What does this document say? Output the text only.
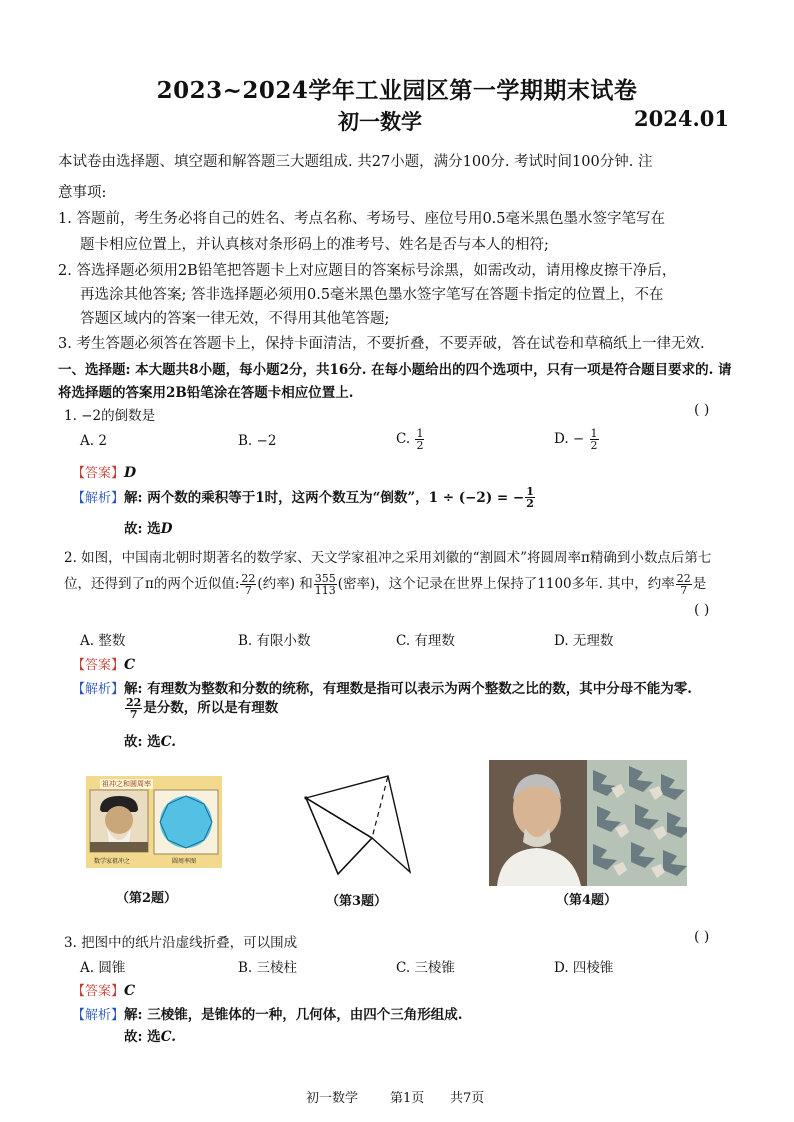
2023~2024学年工业园区第一学期期末试卷
初一数学	2024.01
本试卷由选择题、填空题和解答题三大题组成. 共27小题，满分100分. 考试时间100分钟. 注
意事项:
1. 答题前，考生务必将自己的姓名、考点名称、考场号、座位号用0.5毫米黑色墨水签字笔写在
题卡相应位置上，并认真核对条形码上的准考号、姓名是否与本人的相符;
2. 答选择题必须用2B铅笔把答题卡上对应题目的答案标号涂黑，如需改动，请用橡皮擦干净后，
再选涂其他答案; 答非选择题必须用0.5毫米黑色墨水签字笔写在答题卡指定的位置上，不在
答题区域内的答案一律无效，不得用其他笔答题;
3. 考生答题必须答在答题卡上，保持卡面清洁，不要折叠，不要弄破，答在试卷和草稿纸上一律无效.
一、选择题: 本大题共8小题，每小题2分，共16分. 在每小题给出的四个选项中，只有一项是符合题目要求的. 请
将选择题的答案用2B铅笔涂在答题卡相应位置上.
1. −2的倒数是	( )
A. 2	B. −2	C. $\frac{1}{2}$	D. − $\frac{1}{2}$
【答案】D
【解析】解: 两个数的乘积等于1时，这两个数互为“倒数”，1 ÷ (−2) = − $\frac{1}{2}$
故: 选D
2. 如图，中国南北朝时期著名的数学家、天文学家祖冲之采用刘徽的“割圆术”将圆周率π精确到小数点后第七
位，还得到了π的两个近似值: $\frac{22}{7}$ (约率) 和 $\frac{355}{113}$ (密率)，这个记录在世界上保持了1100多年. 其中，约率 $\frac{22}{7}$ 是
( )
A. 整数	B. 有限小数	C. 有理数	D. 无理数
【答案】C
【解析】解: 有理数为整数和分数的统称，有理数是指可以表示为两个整数之比的数，其中分母不能为零.
$\frac{22}{7}$ 是分数，所以是有理数
故: 选C.
祖冲之和圆周率
数学家祖冲之	圆周率图
（第2题）	（第3题）	（第4题）
3. 把图中的纸片沿虚线折叠，可以围成	( )
A. 圆锥	B. 三棱柱	C. 三棱锥	D. 四棱锥
【答案】C
【解析】解: 三棱锥，是锥体的一种，几何体，由四个三角形组成.
故: 选C.
初一数学 第1页 共7页
